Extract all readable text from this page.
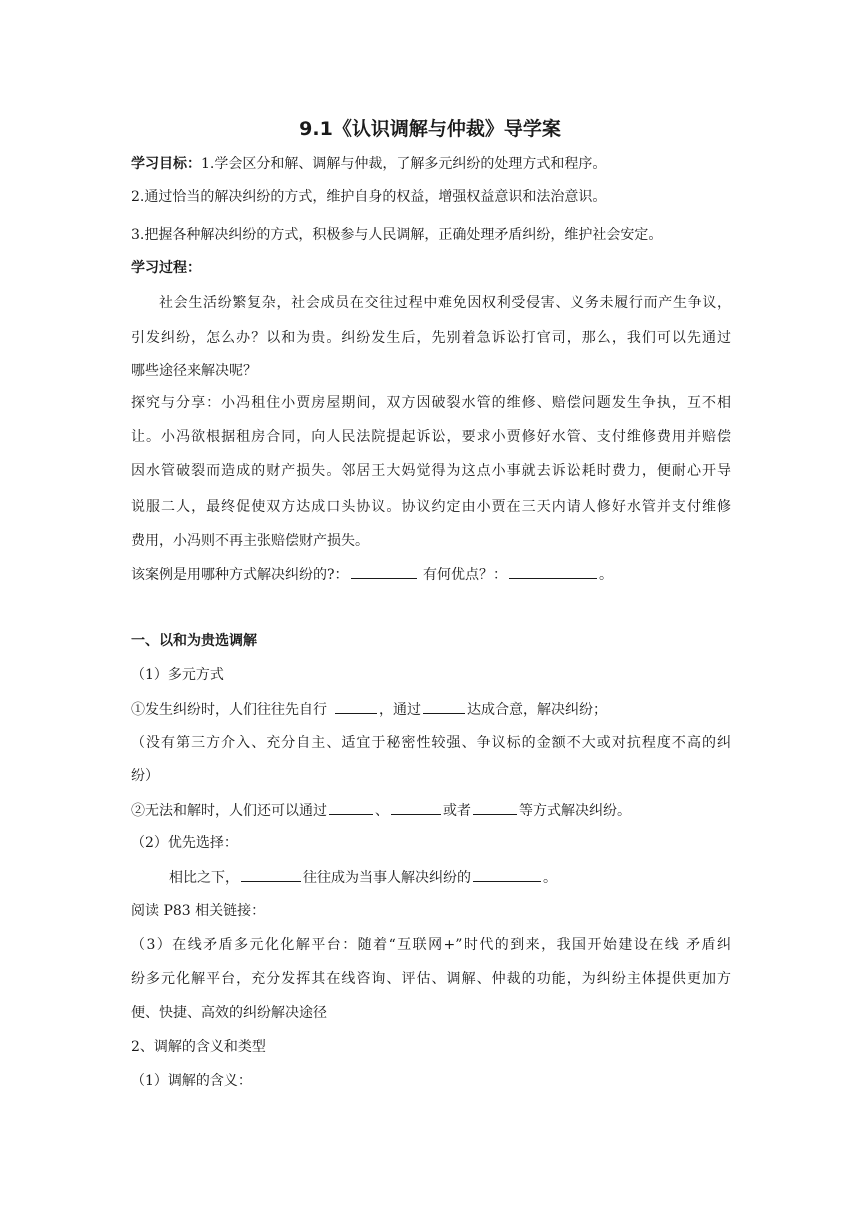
9.1《认识调解与仲裁》导学案
学习目标：1.学会区分和解、调解与仲裁，了解多元纠纷的处理方式和程序。
2.通过恰当的解决纠纷的方式，维护自身的权益，增强权益意识和法治意识。
3.把握各种解决纠纷的方式，积极参与人民调解，正确处理矛盾纠纷，维护社会安定。
学习过程：
社会生活纷繁复杂，社会成员在交往过程中难免因权利受侵害、义务未履行而产生争议，
引发纠纷，怎么办？以和为贵。纠纷发生后，先别着急诉讼打官司，那么，我们可以先通过
哪些途径来解决呢？
探究与分享：小冯租住小贾房屋期间，双方因破裂水管的维修、赔偿问题发生争执，互不相
让。小冯欲根据租房合同，向人民法院提起诉讼，要求小贾修好水管、支付维修费用并赔偿
因水管破裂而造成的财产损失。邻居王大妈觉得为这点小事就去诉讼耗时费力，便耐心开导
说服二人，最终促使双方达成口头协议。协议约定由小贾在三天内请人修好水管并支付维修
费用，小冯则不再主张赔偿财产损失。
该案例是用哪种方式解决纠纷的?：	有何优点？：	。
一、以和为贵选调解
（1）多元方式
①发生纠纷时，人们往往先自行	，通过	达成合意，解决纠纷；
（没有第三方介入、充分自主、适宜于秘密性较强、争议标的金额不大或对抗程度不高的纠
纷）
②无法和解时，人们还可以通过	、	或者	等方式解决纠纷。
（2）优先选择：
相比之下，	往往成为当事人解决纠纷的	。
阅读 P83 相关链接：
（3）在线矛盾多元化化解平台：随着“互联网+”时代的到来，我国开始建设在线 矛盾纠
纷多元化解平台，充分发挥其在线咨询、评估、调解、仲裁的功能，为纠纷主体提供更加方
便、快捷、高效的纠纷解决途径
2、调解的含义和类型
（1）调解的含义：
